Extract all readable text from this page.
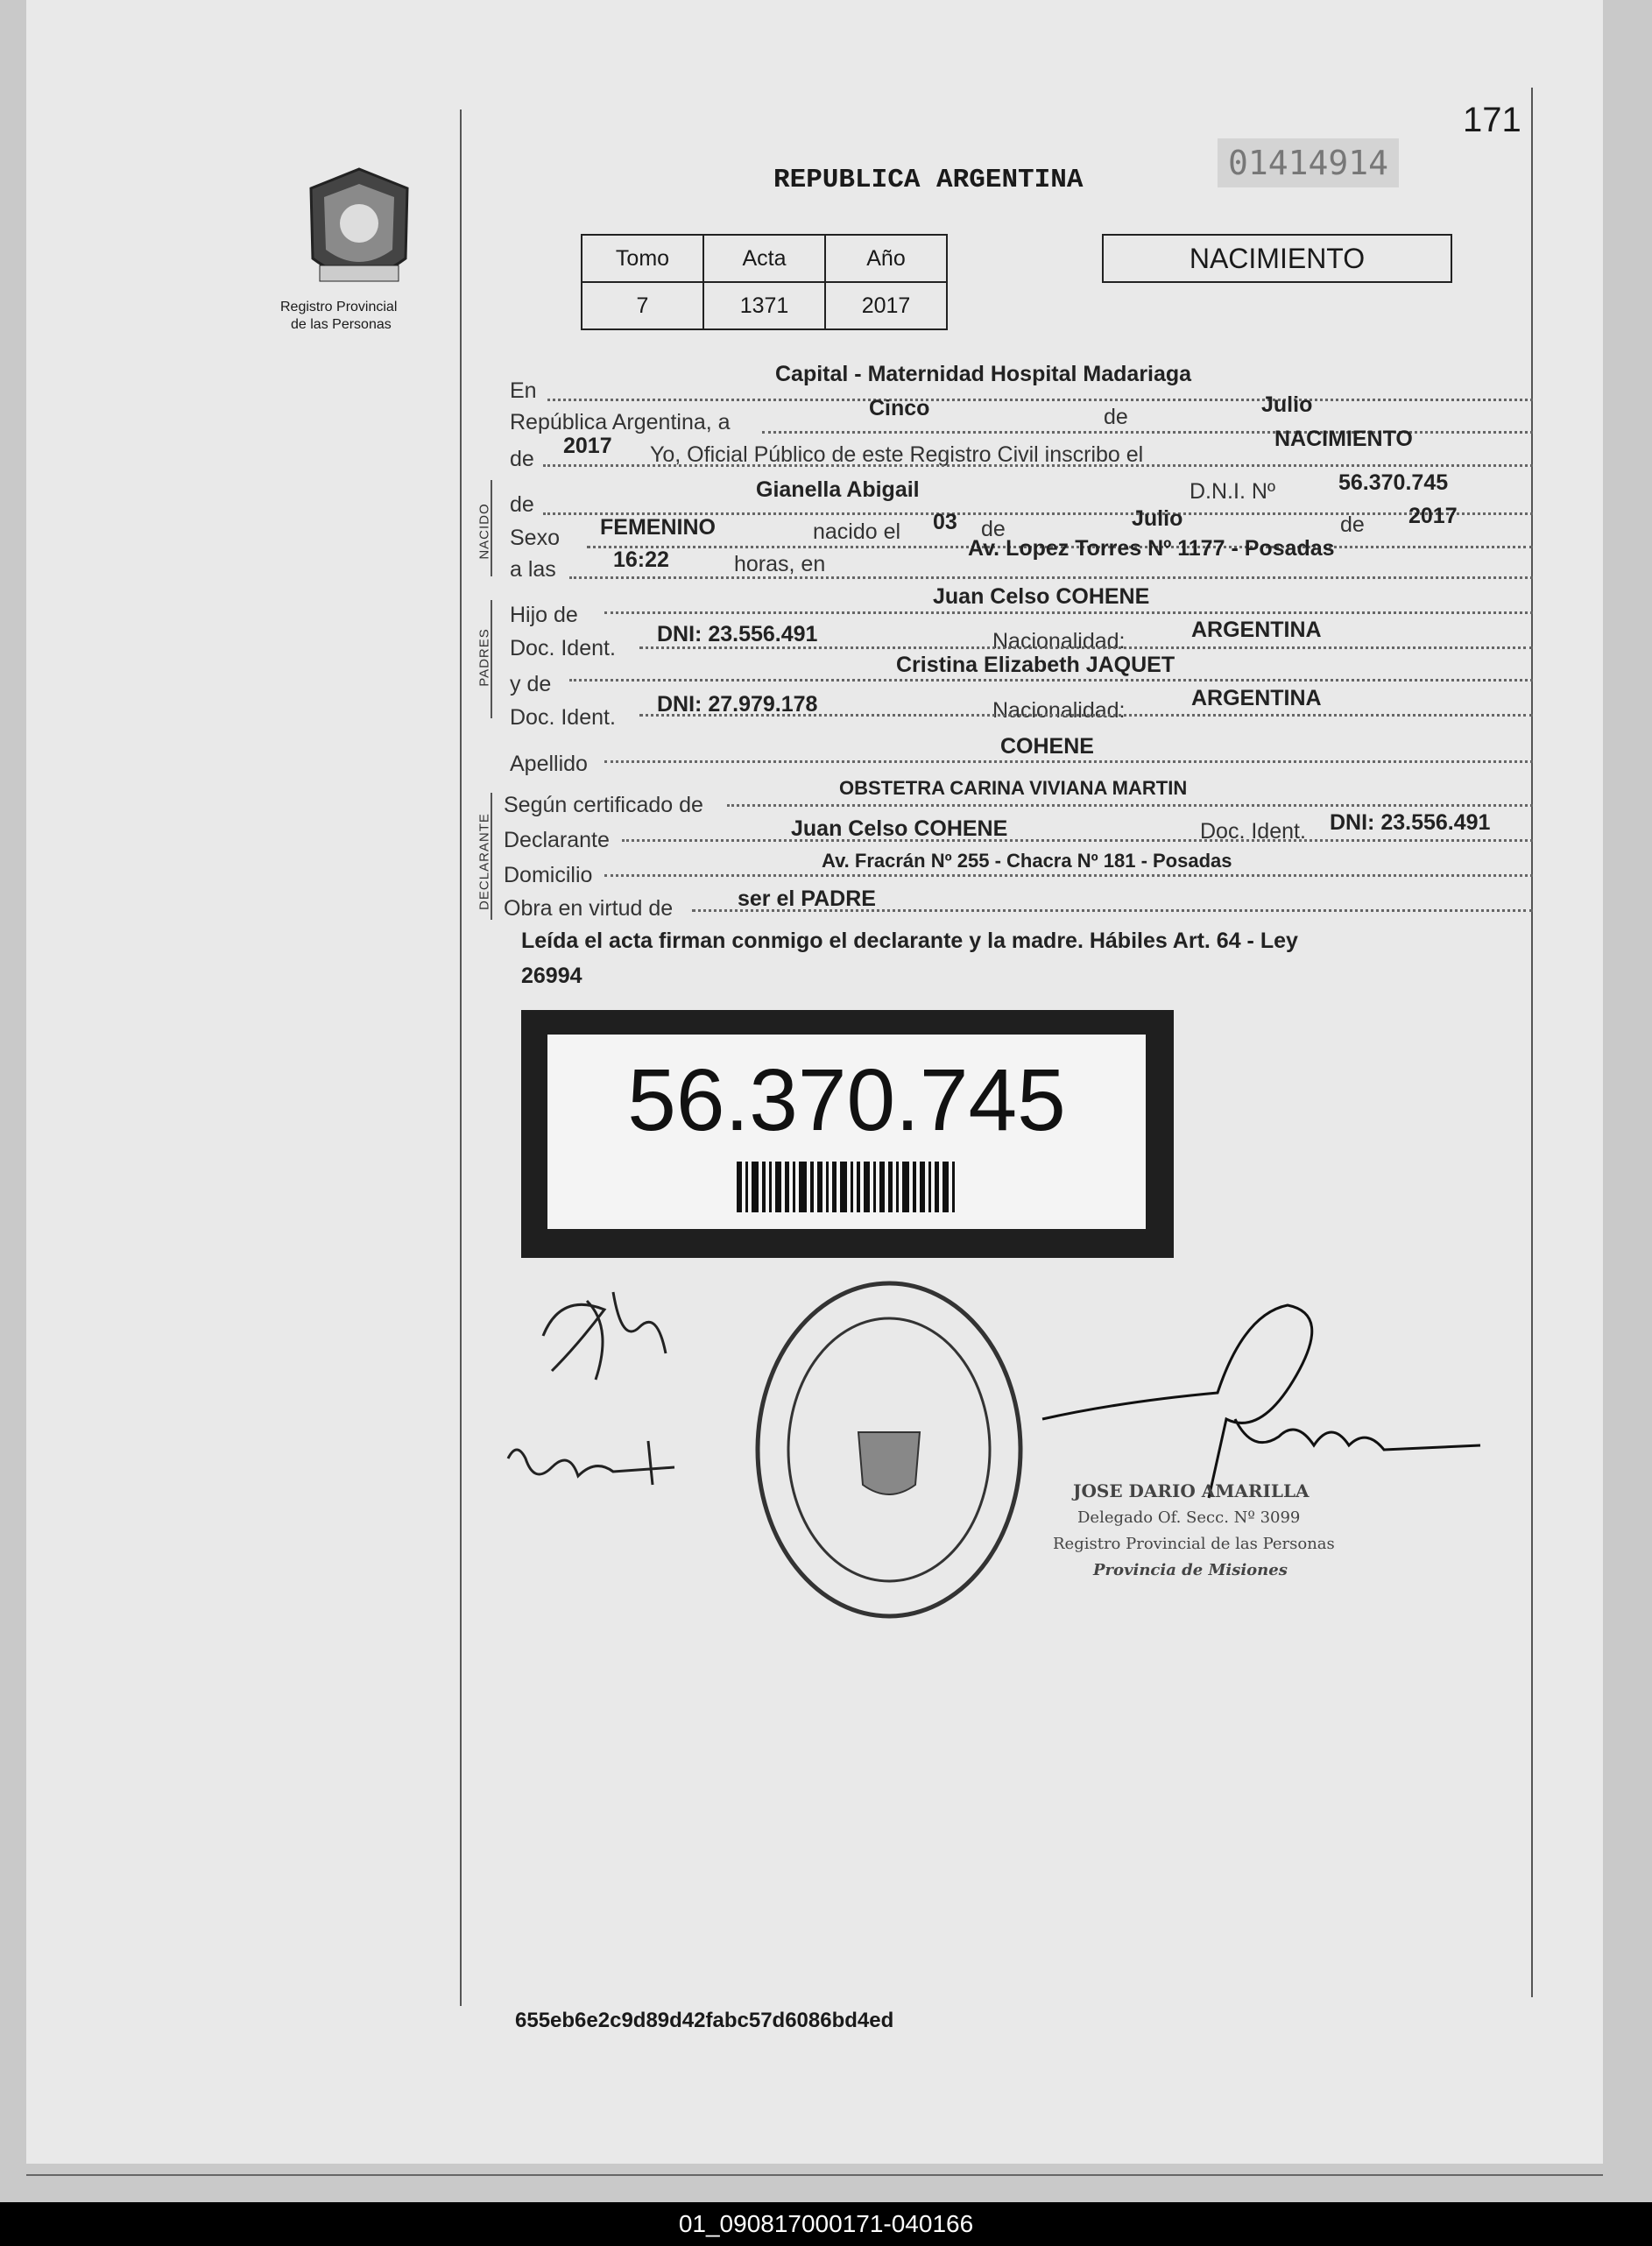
171
Registro Provincial
de las Personas
REPUBLICA ARGENTINA	01414914
Tomo	Acta	Año
7	1371	2017
NACIMIENTO
En
Capital - Maternidad Hospital Madariaga
República Argentina, a
Cinco	de	Julio
de
2017 Yo, Oficial Público de este Registro Civil inscribo el
NACIMIENTO
NACIDO de
Gianella Abigail	D.N.I. Nº	56.370.745
Sexo FEMENINO	nacido el 03 de	Julio	de 2017
a las	16:22	horas, en
Av. Lopez Torres Nº 1177 - Posadas
PADRES
Hijo de
Juan Celso COHENE
Doc. Ident.
DNI: 23.556.491	Nacionalidad:	ARGENTINA
y de
Cristina Elizabeth JAQUET
Doc. Ident.
DNI: 27.979.178	Nacionalidad:	ARGENTINA
Apellido
COHENE
DECLARANTE
Según certificado de
OBSTETRA CARINA VIVIANA MARTIN
Declarante	Juan Celso COHENE	Doc. Ident. DNI: 23.556.491
Domicilio
Av. Fracrán Nº 255 - Chacra Nº 181 - Posadas
Obra en virtud de	ser el PADRE
Leída el acta firman conmigo el declarante y la madre. Hábiles Art. 64 - Ley
26994
56.370.745
JOSE DARIO AMARILLA
Delegado Of. Secc. Nº 3099
Registro Provincial de las Personas
Provincia de Misiones
655eb6e2c9d89d42fabc57d6086bd4ed
01_090817000171-040166
